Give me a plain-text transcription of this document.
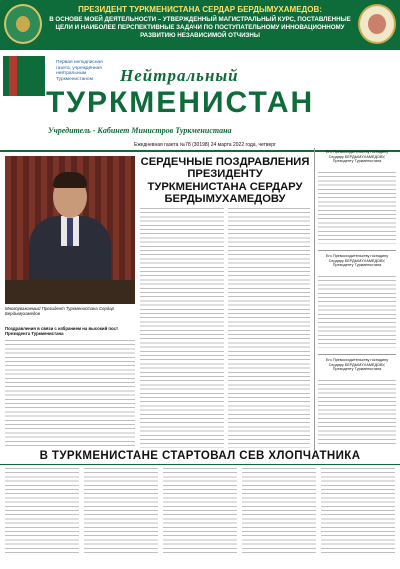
ПРЕЗИДЕНТ ТУРКМЕНИСТАНА СЕРДАР БЕРДЫМУХАМЕДОВ:
В ОСНОВЕ МОЕЙ ДЕЯТЕЛЬНОСТИ – УТВЕРЖДЕННЫЙ МАГИСТРАЛЬНЫЙ КУРС, ПОСТАВЛЕННЫЕ ЦЕЛИ И НАИБОЛЕЕ ПЕРСПЕКТИВНЫЕ ЗАДАЧИ ПО ПОСТУПАТЕЛЬНОМУ ИННОВАЦИОННОМУ РАЗВИТИЮ НЕЗАВИСИМОЙ ОТЧИЗНЫ
Первая неподписная газета, учреждённая нейтральным Туркменистаном	Нейтральный
ТУРКМЕНИСТАН
Учредитель - Кабинет Министров Туркменистана
Ежедневная газета №78 (30198) 24 марта 2022 года, четверг
Многоуважаемый Президент Туркменистана Сердар Бердымухамедов
Поздравления в связи с избранием на высокий пост Президента Туркменистана
СЕРДЕЧНЫЕ ПОЗДРАВЛЕНИЯ ПРЕЗИДЕНТУ ТУРКМЕНИСТАНА СЕРДАРУ БЕРДЫМУХАМЕДОВУ
Его Превосходительству господину Сердару БЕРДЫМУХАМЕДОВУ, Президенту Туркменистана
Его Превосходительству господину Сердару БЕРДЫМУХАМЕДОВУ, Президенту Туркменистана
Его Превосходительству господину Сердару БЕРДЫМУХАМЕДОВУ, Президенту Туркменистана
В ТУРКМЕНИСТАНЕ СТАРТОВАЛ СЕВ ХЛОПЧАТНИКА
